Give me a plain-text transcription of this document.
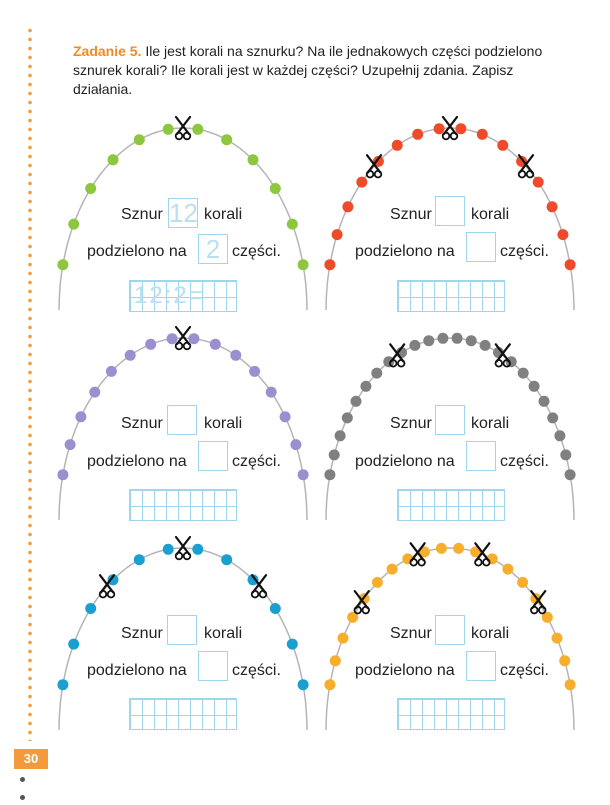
Zadanie 5. Ile jest korali na sznurku? Na ile jednakowych części podzielono sznurek korali? Ile korali jest w każdej części? Uzupełnij zdania. Zapisz działania.
Sznur 12 korali
podzielono na 2 części.
12:2=
Sznur korali
podzielono na	części.
Sznur	korali
podzielono na	części.
Sznur korali
podzielono na	części.
Sznur	korali
podzielono na	części.
Sznur korali
podzielono na	części.
30
